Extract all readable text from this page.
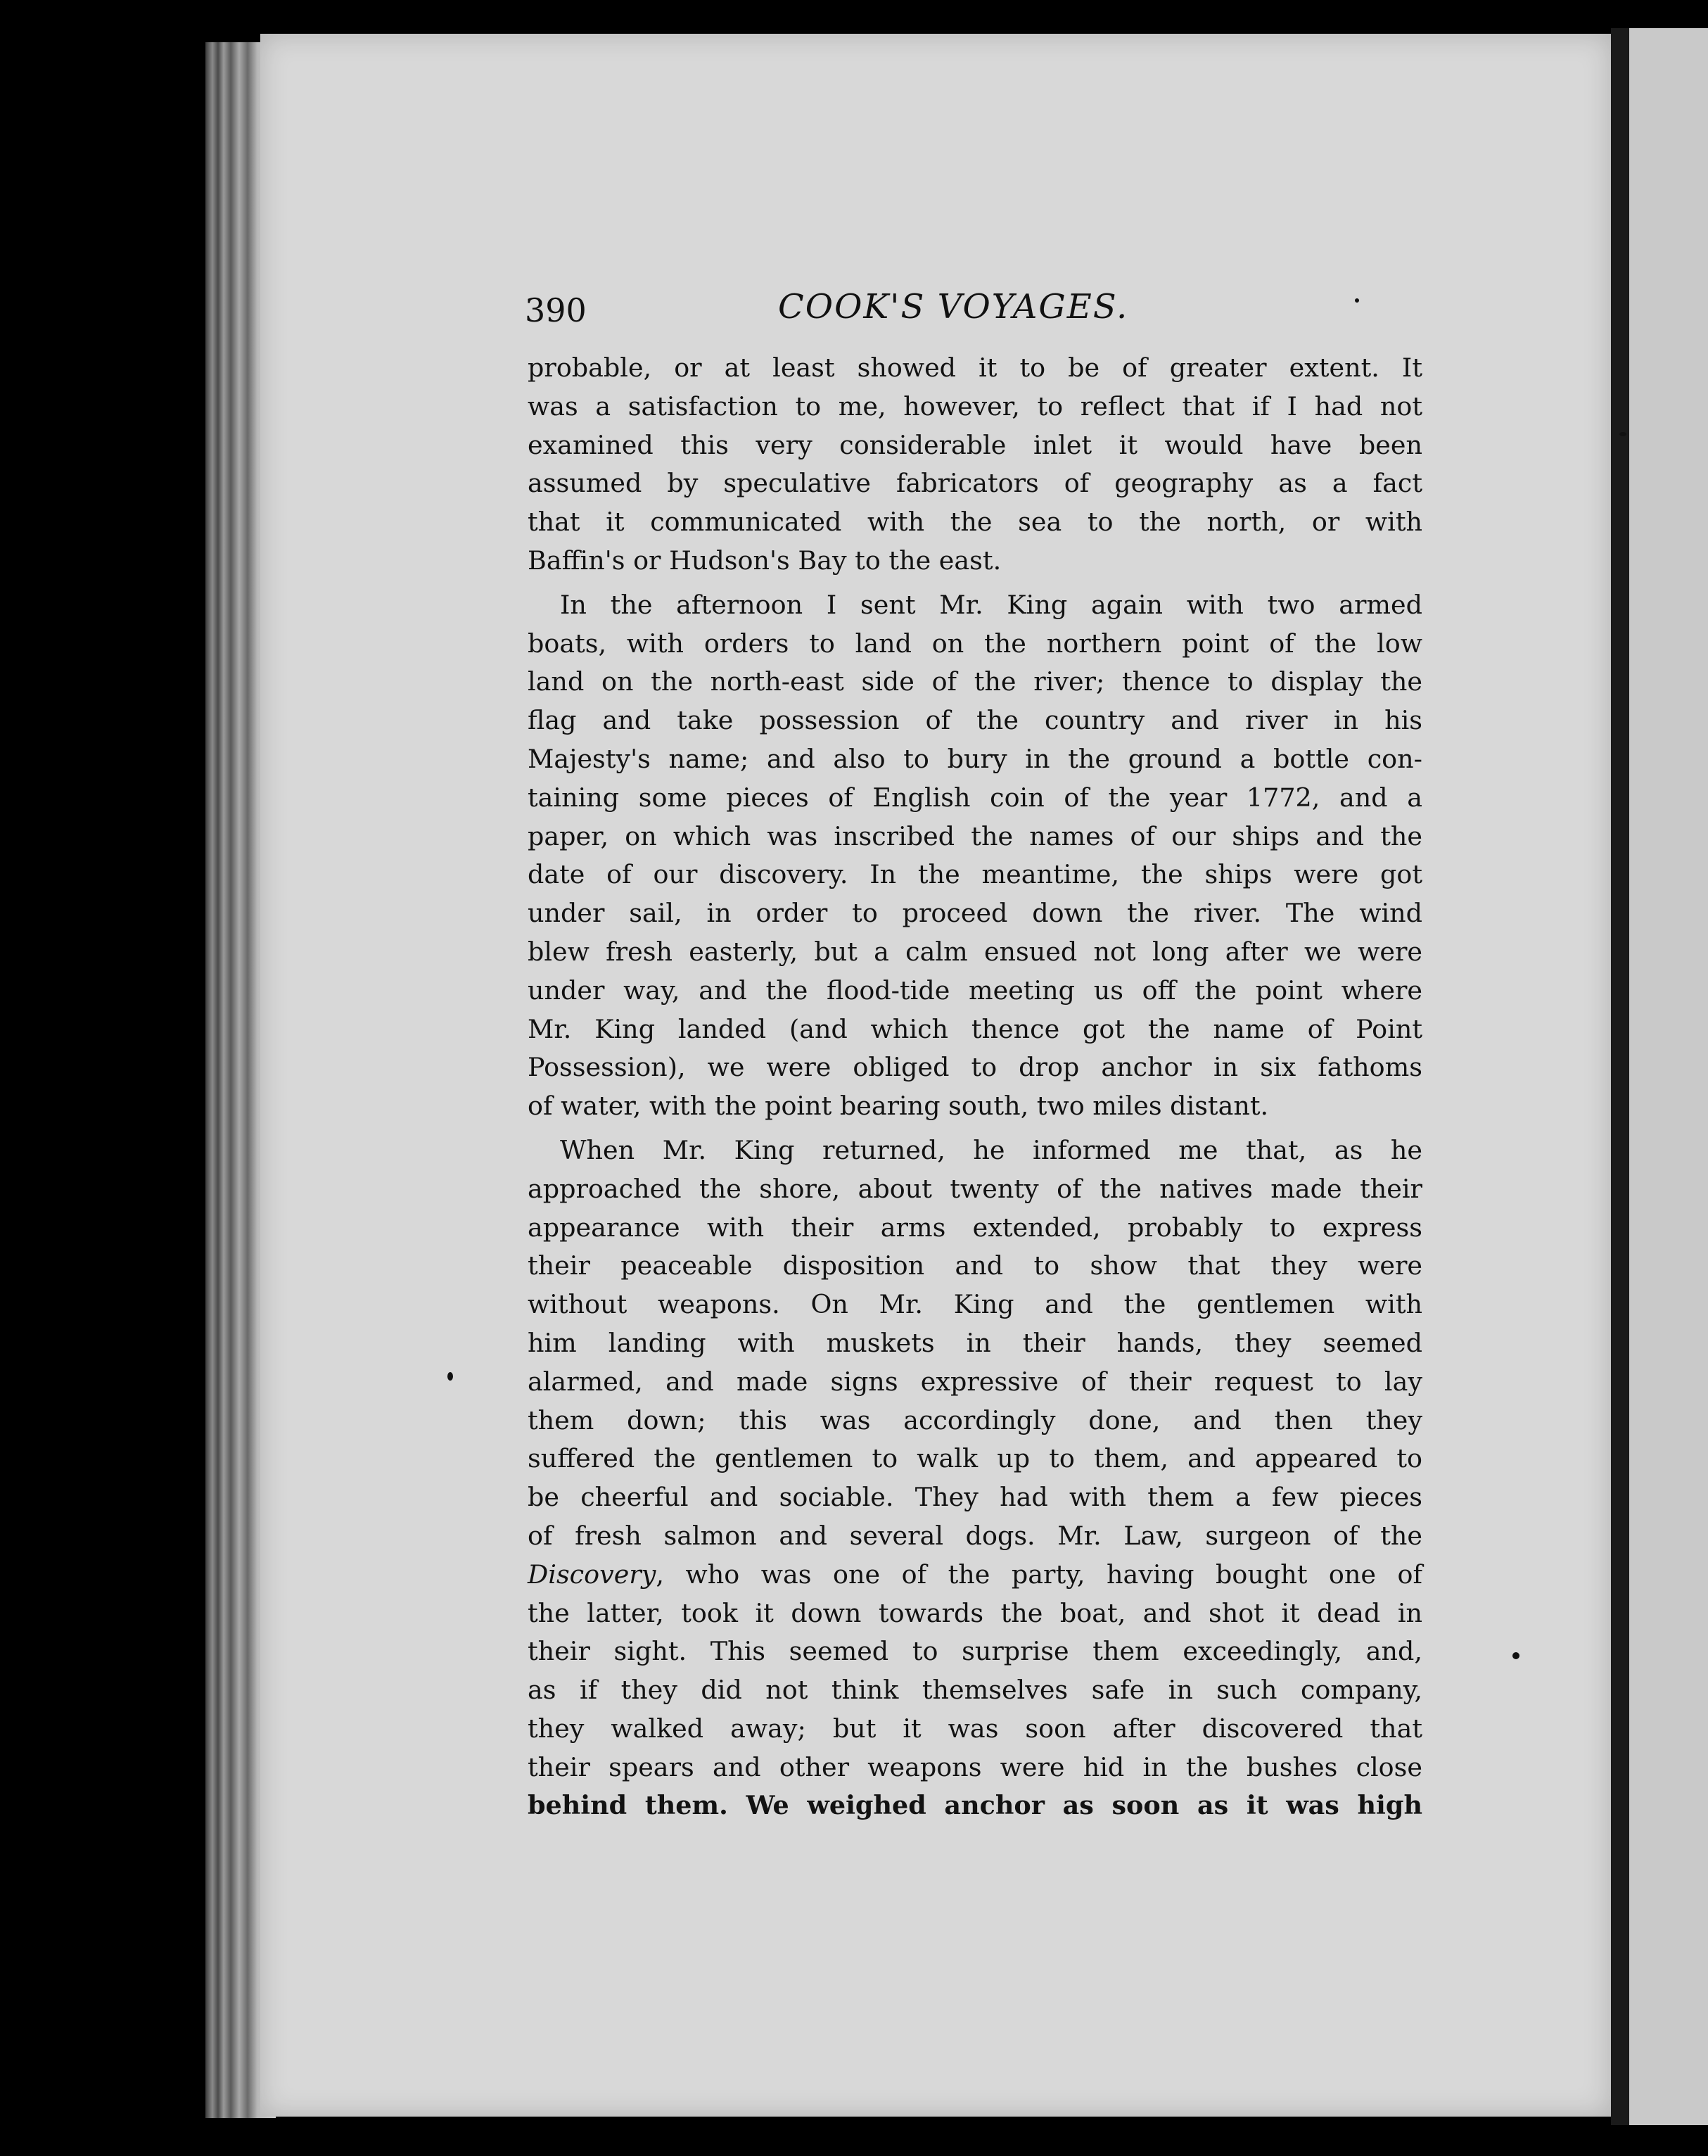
390	COOK'S VOYAGES.
probable, or at least showed it to be of greater extent. It
was a satisfaction to me, however, to reflect that if I had not
examined this very considerable inlet it would have been
assumed by speculative fabricators of geography as a fact
that it communicated with the sea to the north, or with
Baffin's or Hudson's Bay to the east.
In the afternoon I sent Mr. King again with two armed
boats, with orders to land on the northern point of the low
land on the north-east side of the river; thence to display the
flag and take possession of the country and river in his
Majesty's name; and also to bury in the ground a bottle con-
taining some pieces of English coin of the year 1772, and a
paper, on which was inscribed the names of our ships and the
date of our discovery. In the meantime, the ships were got
under sail, in order to proceed down the river. The wind
blew fresh easterly, but a calm ensued not long after we were
under way, and the flood-tide meeting us off the point where
Mr. King landed (and which thence got the name of Point
Possession), we were obliged to drop anchor in six fathoms
of water, with the point bearing south, two miles distant.
When Mr. King returned, he informed me that, as he
approached the shore, about twenty of the natives made their
appearance with their arms extended, probably to express
their peaceable disposition and to show that they were
without weapons. On Mr. King and the gentlemen with
him landing with muskets in their hands, they seemed
alarmed, and made signs expressive of their request to lay
them down; this was accordingly done, and then they
suffered the gentlemen to walk up to them, and appeared to
be cheerful and sociable. They had with them a few pieces
of fresh salmon and several dogs. Mr. Law, surgeon of the
Discovery, who was one of the party, having bought one of
the latter, took it down towards the boat, and shot it dead in
their sight. This seemed to surprise them exceedingly, and,
as if they did not think themselves safe in such company,
they walked away; but it was soon after discovered that
their spears and other weapons were hid in the bushes close
behind them. We weighed anchor as soon as it was high
